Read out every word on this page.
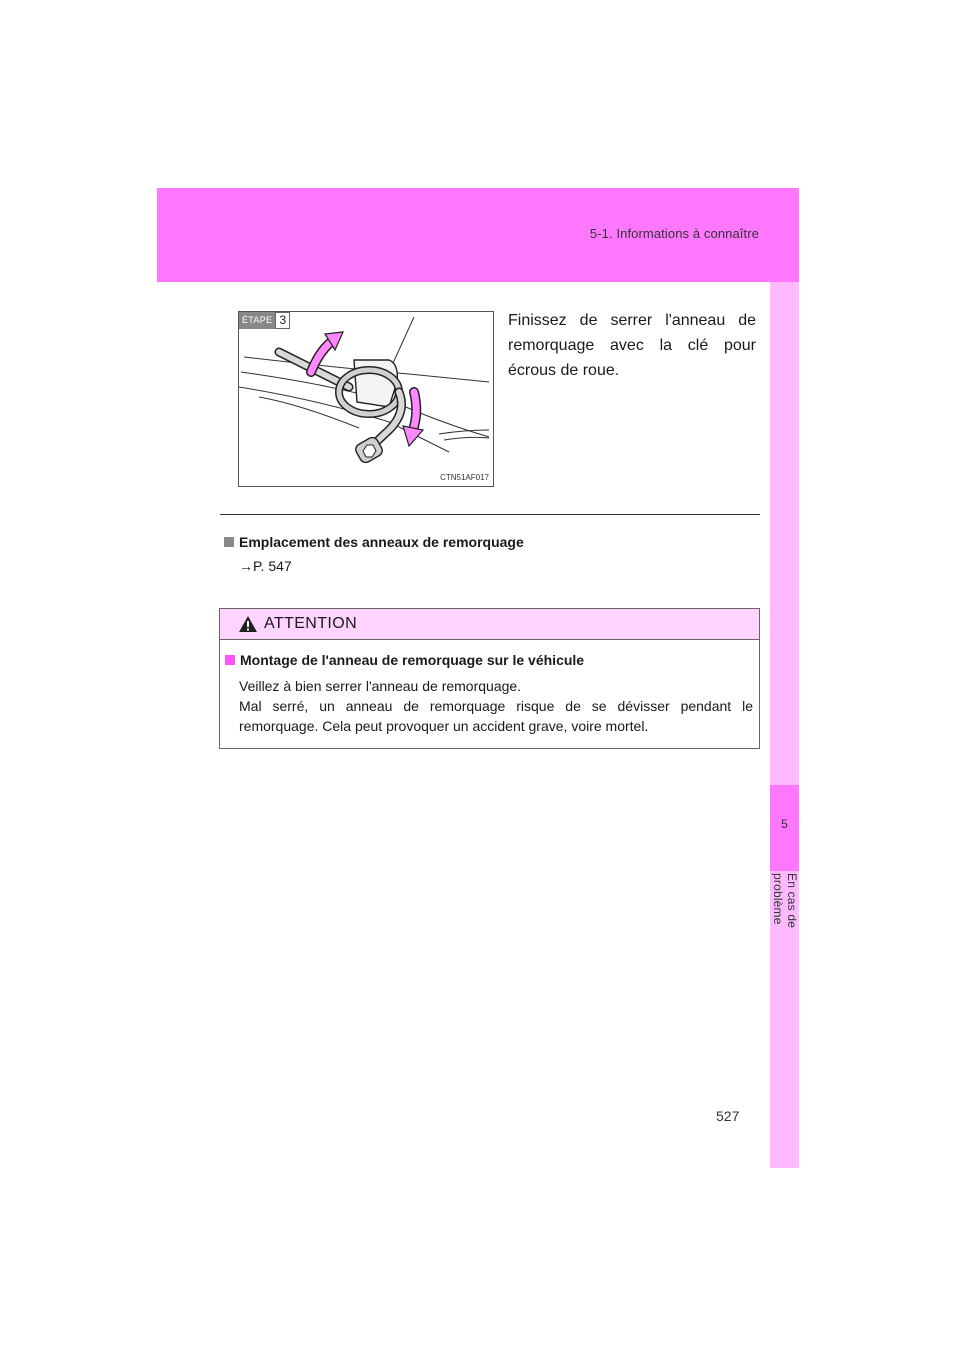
5-1. Informations à connaître
5
En cas de problème
ÉTAPE 3
CTN51AF017
Finissez de serrer l'anneau de remorquage avec la clé pour écrous de roue.
Emplacement des anneaux de remorquage
→P. 547
ATTENTION
Montage de l'anneau de remorquage sur le véhicule

Veillez à bien serrer l'anneau de remorquage.

Mal serré, un anneau de remorquage risque de se dévisser pendant le remorquage. Cela peut provoquer un accident grave, voire mortel.

527
